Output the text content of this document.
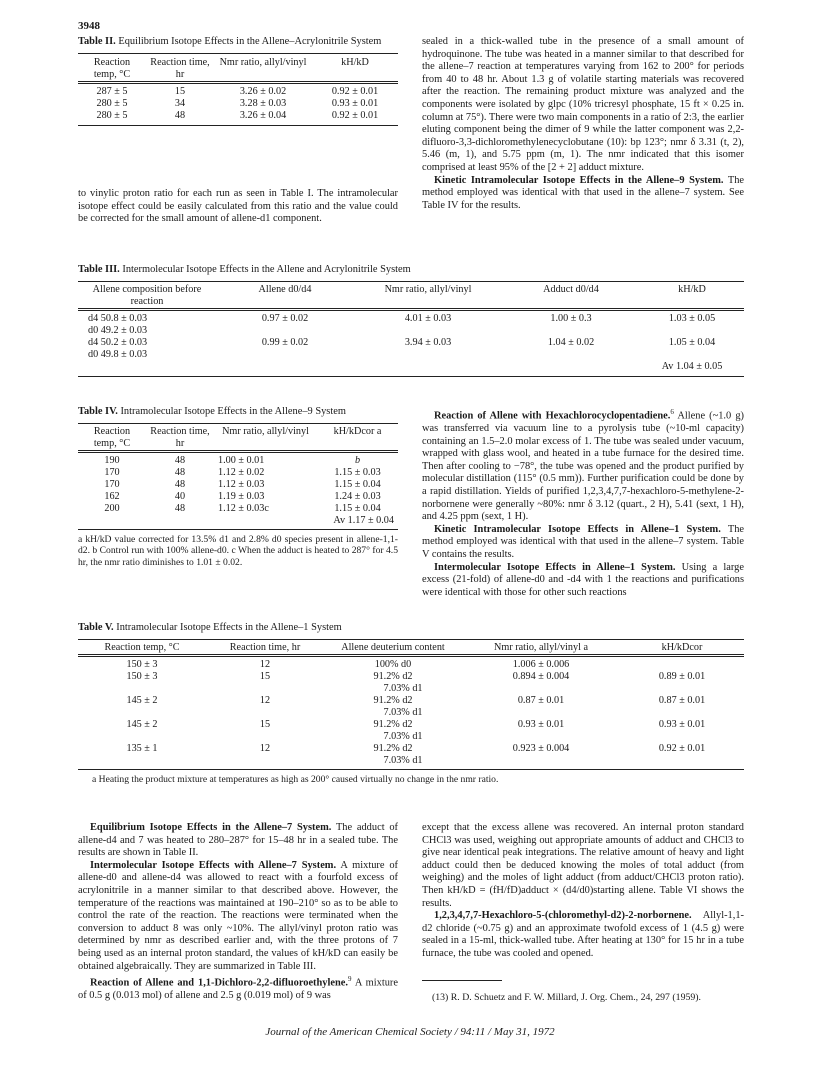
3948
Table II. Equilibrium Isotope Effects in the Allene–Acrylonitrile System
Reaction temp, °C	Reaction time, hr	Nmr ratio, allyl/vinyl	kH/kD

287 ± 5	15	3.26 ± 0.02	0.92 ± 0.01
280 ± 5	34	3.28 ± 0.03	0.93 ± 0.01
280 ± 5	48	3.26 ± 0.04	0.92 ± 0.01

to vinylic proton ratio for each run as seen in Table I. The intramolecular isotope effect could be easily calculated from this ratio and the value could be corrected for the small amount of allene-d1 component.

sealed in a thick-walled tube in the presence of a small amount of hydroquinone. The tube was heated in a manner similar to that described for the allene–7 reaction at temperatures varying from 162 to 200° for periods from 40 to 48 hr. About 1.3 g of volatile starting materials was recovered after the reaction. The remaining product mixture was analyzed and the components were isolated by glpc (10% tricresyl phosphate, 15 ft × 0.25 in. column at 75°). There were two main components in a ratio of 2:3, the earlier eluting component being the dimer of 9 while the latter component was 2,2-difluoro-3,3-dichloromethylenecyclobutane (10): bp 123°; nmr δ 3.31 (t, 2), 5.46 (m, 1), and 5.75 ppm (m, 1). The nmr indicated that this isomer comprised at least 95% of the [2 + 2] adduct mixture.

Kinetic Intramolecular Isotope Effects in the Allene–9 System. The method employed was identical with that used in the allene–7 system. See Table IV for the results.

Table III. Intermolecular Isotope Effects in the Allene and Acrylonitrile System
Allene composition before reaction	Allene d0/d4	Nmr ratio, allyl/vinyl	Adduct d0/d4	kH/kD

d4 50.8 ± 0.03	0.97 ± 0.02	4.01 ± 0.03	1.00 ± 0.3	1.03 ± 0.05
d0 49.2 ± 0.03				
d4 50.2 ± 0.03	0.99 ± 0.02	3.94 ± 0.03	1.04 ± 0.02	1.05 ± 0.04
d0 49.8 ± 0.03				
				Av 1.04 ± 0.05
Table IV. Intramolecular Isotope Effects in the Allene–9 System
Reaction temp, °C	Reaction time, hr	Nmr ratio, allyl/vinyl	kH/kDcor a

190	48	1.00 ± 0.01	b
170	48	1.12 ± 0.02	1.15 ± 0.03
170	48	1.12 ± 0.03	1.15 ± 0.04
162	40	1.19 ± 0.03	1.24 ± 0.03
200	48	1.12 ± 0.03c	1.15 ± 0.04
			Av 1.17 ± 0.04
a kH/kD value corrected for 13.5% d1 and 2.8% d0 species present in allene-1,1-d2. b Control run with 100% allene-d0. c When the adduct is heated to 287° for 4.5 hr, the nmr ratio diminishes to 1.01 ± 0.02.

Reaction of Allene with Hexachlorocyclopentadiene.$^6$ Allene (~1.0 g) was transferred via vacuum line to a pyrolysis tube (~10-ml capacity) containing an 1.5–2.0 molar excess of 1. The tube was sealed under vacuum, wrapped with glass wool, and heated in a tube furnace for the desired time. Then after cooling to −78°, the tube was opened and the product purified by molecular distillation (115° (0.5 mm)). Further purification could be done by a rapid distillation. Yields of purified 1,2,3,4,7,7-hexachloro-5-methylene-2-norbornene were generally ~80%: nmr δ 3.12 (quart., 2 H), 5.41 (sext, 1 H), and 4.25 ppm (sext, 1 H).

Kinetic Intramolecular Isotope Effects in Allene–1 System. The method employed was identical with that used in the allene–7 system. Table V contains the results.

Intermolecular Isotope Effects in Allene–1 System. Using a large excess (21-fold) of allene-d0 and -d4 with 1 the reactions and purifications were identical with those for other such reactions

Table V. Intramolecular Isotope Effects in the Allene–1 System
Reaction temp, °C	Reaction time, hr	Allene deuterium content	Nmr ratio, allyl/vinyl a	kH/kDcor

150 ± 3	12	100% d0	1.006 ± 0.006	
150 ± 3	15	91.2% d2	0.894 ± 0.004	0.89 ± 0.01
		7.03% d1		
145 ± 2	12	91.2% d2	0.87 ± 0.01	0.87 ± 0.01
		7.03% d1		
145 ± 2	15	91.2% d2	0.93 ± 0.01	0.93 ± 0.01
		7.03% d1		
135 ± 1	12	91.2% d2	0.923 ± 0.004	0.92 ± 0.01
		7.03% d1		
a Heating the product mixture at temperatures as high as 200° caused virtually no change in the nmr ratio.

Equilibrium Isotope Effects in the Allene–7 System. The adduct of allene-d4 and 7 was heated to 280–287° for 15–48 hr in a sealed tube. The results are shown in Table II.

Intermolecular Isotope Effects with Allene–7 System. A mixture of allene-d0 and allene-d4 was allowed to react with a fourfold excess of acrylonitrile in a manner similar to that described above. However, the temperature of the reactions was maintained at 190–210° so as to be able to control the rate of the reaction. The reactions were terminated when the conversion to adduct 8 was only ~10%. The allyl/vinyl proton ratio was determined by nmr as described earlier and, with the three protons of 7 being used as an internal proton standard, the values of kH/kD can easily be obtained algebraically. They are summarized in Table III.

Reaction of Allene and 1,1-Dichloro-2,2-difluoroethylene.$^9$ A mixture of 0.5 g (0.013 mol) of allene and 2.5 g (0.019 mol) of 9 was

except that the excess allene was recovered. An internal proton standard CHCl3 was used, weighing out appropriate amounts of adduct and CHCl3 to give near identical peak integrations. The relative amount of heavy and light adduct could then be deduced knowing the moles of total adduct (from weighing) and the moles of light adduct (from adduct/CHCl3 proton ratio). Then kH/kD = (fH/fD)adduct × (d4/d0)starting allene. Table VI shows the results.

1,2,3,4,7,7-Hexachloro-5-(chloromethyl-d2)-2-norbornene. Allyl-1,1-d2 chloride (~0.75 g) and an approximate twofold excess of 1 (4.5 g) were sealed in a 15-ml, thick-walled tube. After heating at 130° for 15 hr in a tube furnace, the tube was cooled and opened.

(13) R. D. Schuetz and F. W. Millard, J. Org. Chem., 24, 297 (1959).
Journal of the American Chemical Society / 94:11 / May 31, 1972
